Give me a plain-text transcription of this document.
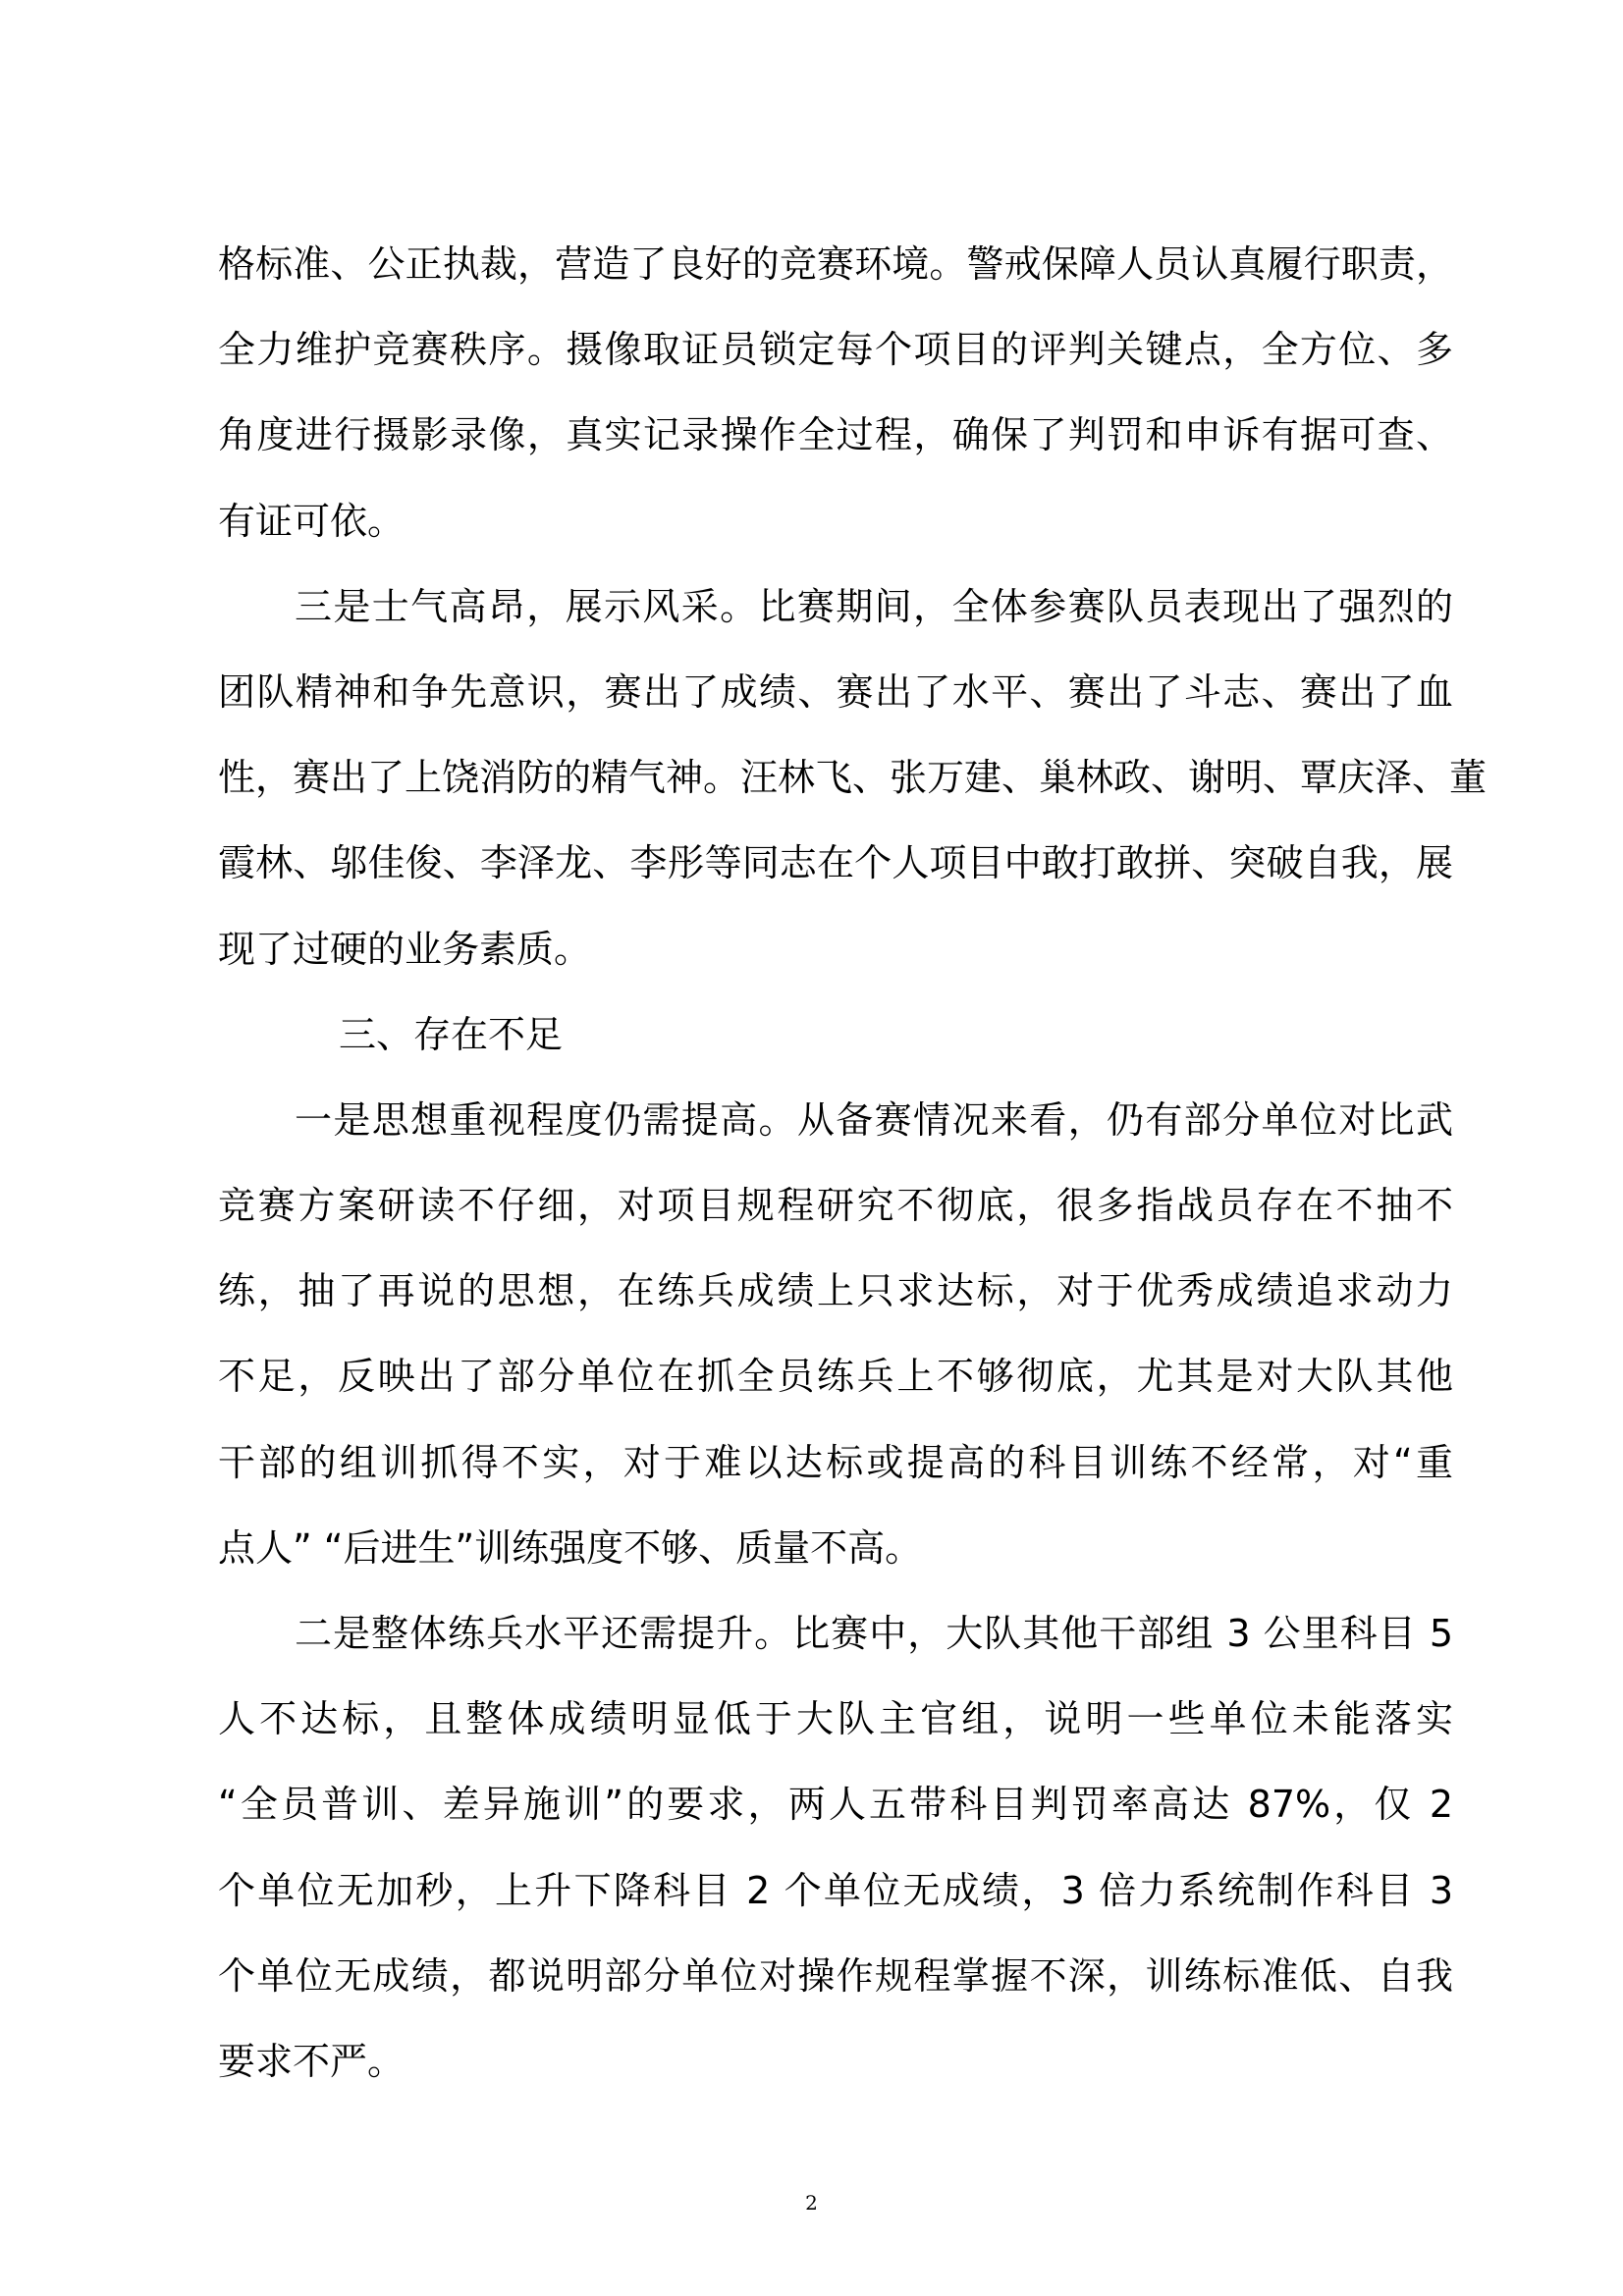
格标准、公正执裁，营造了良好的竞赛环境。警戒保障人员认真履行职责，
全力维护竞赛秩序。摄像取证员锁定每个项目的评判关键点，全方位、多
角度进行摄影录像，真实记录操作全过程，确保了判罚和申诉有据可查、
有证可依。
三是士气高昂，展示风采。比赛期间，全体参赛队员表现出了强烈的
团队精神和争先意识，赛出了成绩、赛出了水平、赛出了斗志、赛出了血
性，赛出了上饶消防的精气神。汪林飞、张万建、巢林政、谢明、覃庆泽、董
霞林、邬佳俊、李泽龙、李彤等同志在个人项目中敢打敢拼、突破自我，展
现了过硬的业务素质。
三、存在不足
一是思想重视程度仍需提高。从备赛情况来看，仍有部分单位对比武
竞赛方案研读不仔细，对项目规程研究不彻底，很多指战员存在不抽不
练，抽了再说的思想，在练兵成绩上只求达标，对于优秀成绩追求动力
不足，反映出了部分单位在抓全员练兵上不够彻底，尤其是对大队其他
干部的组训抓得不实，对于难以达标或提高的科目训练不经常，对“重
点人” “后进生”训练强度不够、质量不高。
二是整体练兵水平还需提升。比赛中，大队其他干部组 3 公里科目 5
人不达标，且整体成绩明显低于大队主官组，说明一些单位未能落实
“全员普训、差异施训”的要求，两人五带科目判罚率高达 87%，仅 2
个单位无加秒，上升下降科目 2 个单位无成绩，3 倍力系统制作科目 3
个单位无成绩，都说明部分单位对操作规程掌握不深，训练标准低、自我
要求不严。
2
